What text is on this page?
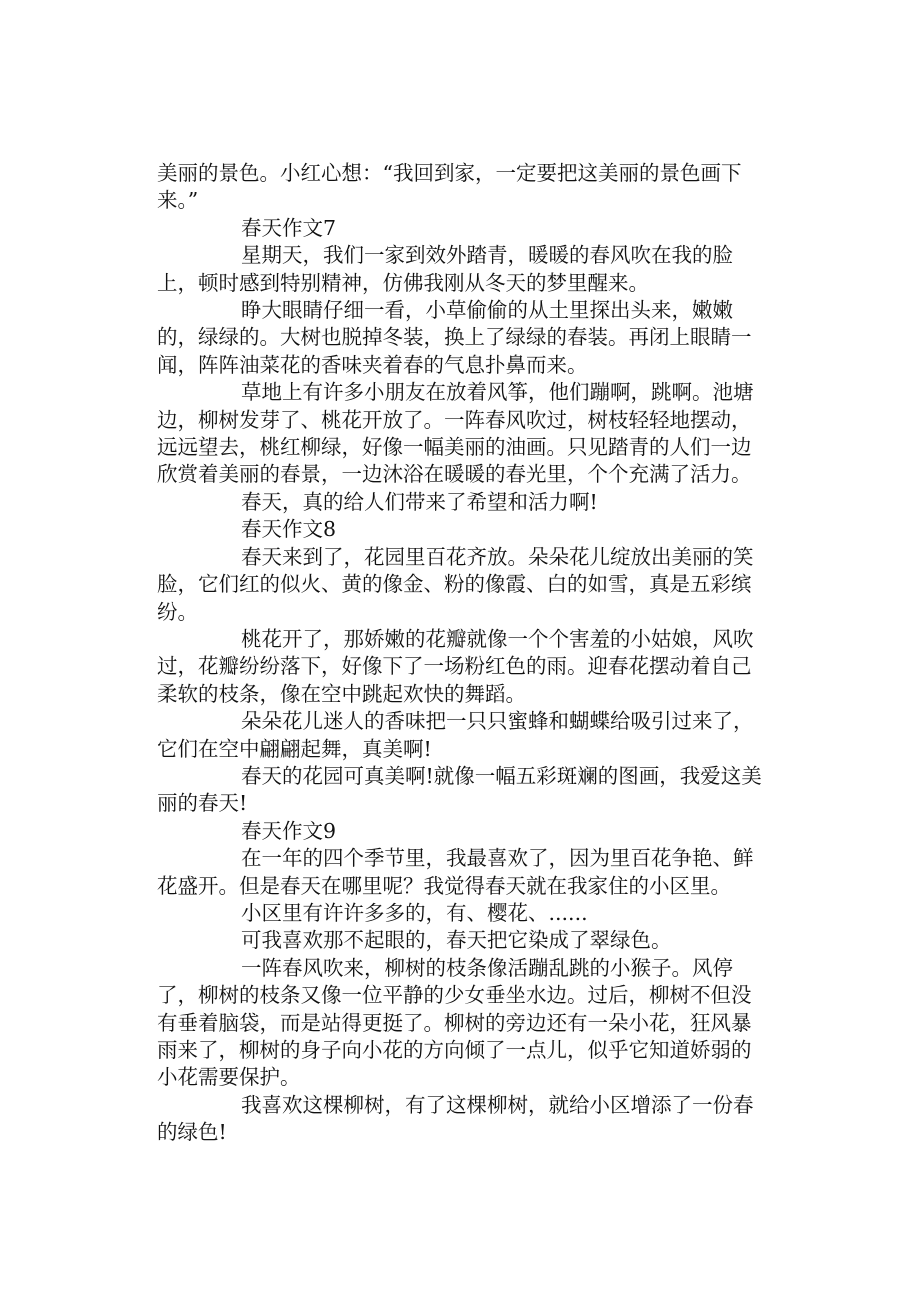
美丽的景色。小红心想：“我回到家，一定要把这美丽的景色画下来。”

春天作文7

星期天，我们一家到效外踏青，暖暖的春风吹在我的脸上，顿时感到特别精神，仿佛我刚从冬天的梦里醒来。

睁大眼睛仔细一看，小草偷偷的从土里探出头来，嫩嫩的，绿绿的。大树也脱掉冬装，换上了绿绿的春装。再闭上眼睛一闻，阵阵油菜花的香味夹着春的气息扑鼻而来。

草地上有许多小朋友在放着风筝，他们蹦啊，跳啊。池塘边，柳树发芽了、桃花开放了。一阵春风吹过，树枝轻轻地摆动，远远望去，桃红柳绿，好像一幅美丽的油画。只见踏青的人们一边欣赏着美丽的春景，一边沐浴在暖暖的春光里，个个充满了活力。

春天，真的给人们带来了希望和活力啊!

春天作文8

春天来到了，花园里百花齐放。朵朵花儿绽放出美丽的笑脸，它们红的似火、黄的像金、粉的像霞、白的如雪，真是五彩缤纷。

桃花开了，那娇嫩的花瓣就像一个个害羞的小姑娘，风吹过，花瓣纷纷落下，好像下了一场粉红色的雨。迎春花摆动着自己柔软的枝条，像在空中跳起欢快的舞蹈。

朵朵花儿迷人的香味把一只只蜜蜂和蝴蝶给吸引过来了，它们在空中翩翩起舞，真美啊!

春天的花园可真美啊!就像一幅五彩斑斓的图画，我爱这美丽的春天!

春天作文9

在一年的四个季节里，我最喜欢了，因为里百花争艳、鲜花盛开。但是春天在哪里呢？我觉得春天就在我家住的小区里。

小区里有许许多多的，有、樱花、......

可我喜欢那不起眼的，春天把它染成了翠绿色。

一阵春风吹来，柳树的枝条像活蹦乱跳的小猴子。风停了，柳树的枝条又像一位平静的少女垂坐水边。过后，柳树不但没有垂着脑袋，而是站得更挺了。柳树的旁边还有一朵小花，狂风暴雨来了，柳树的身子向小花的方向倾了一点儿，似乎它知道娇弱的小花需要保护。

我喜欢这棵柳树，有了这棵柳树，就给小区增添了一份春的绿色!
